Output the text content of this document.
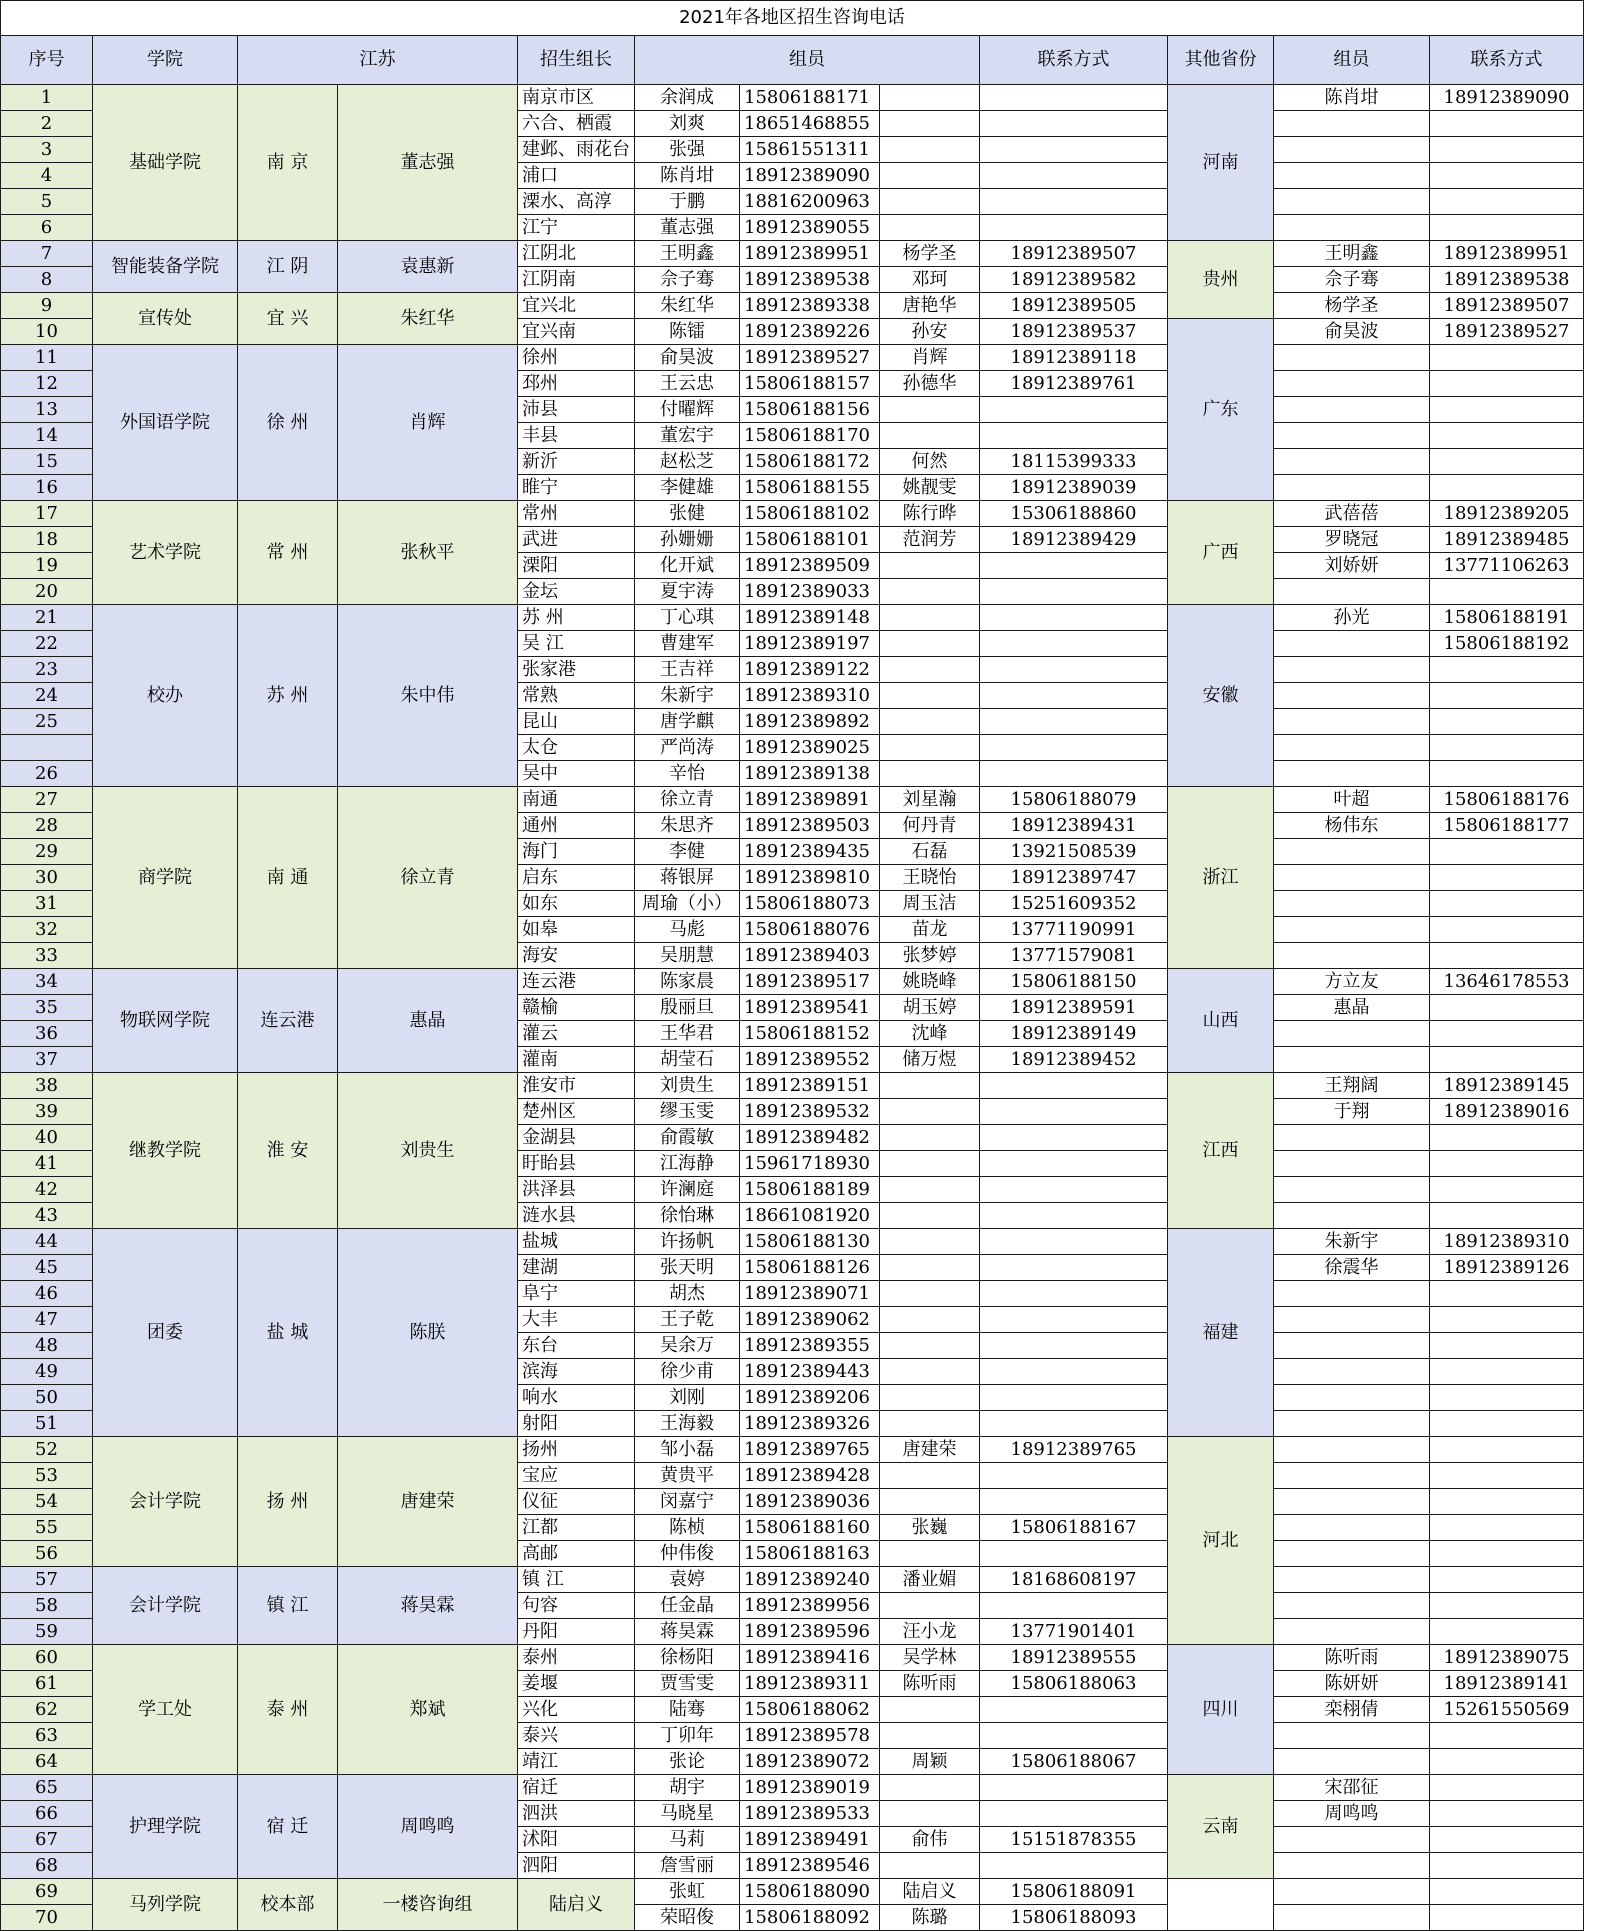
2021年各地区招生咨询电话											
序号	学院	江苏		招生组长	组员			联系方式	其他省份	组员	联系方式
1	基础学院	南 京	董志强	南京市区	余润成	15806188171			河南	陈肖坩	18912389090
2				六合、栖霞	刘爽	18651468855					
3				建邺、雨花台	张强	15861551311					
4				浦口	陈肖坩	18912389090					
5				溧水、高淳	于鹏	18816200963					
6				江宁	董志强	18912389055					
7	智能装备学院	江 阴	袁惠新	江阴北	王明鑫	18912389951	杨学圣	18912389507	贵州	王明鑫	18912389951
8				江阴南	佘子骞	18912389538	邓珂	18912389582		佘子骞	18912389538
9	宣传处	宜 兴	朱红华	宜兴北	朱红华	18912389338	唐艳华	18912389505		杨学圣	18912389507
10				宜兴南	陈镭	18912389226	孙安	18912389537	广东	俞昊波	18912389527
11	外国语学院	徐 州	肖辉	徐州	俞昊波	18912389527	肖辉	18912389118			
12				邳州	王云忠	15806188157	孙德华	18912389761			
13				沛县	付曜辉	15806188156					
14				丰县	董宏宇	15806188170					
15				新沂	赵松芝	15806188172	何然	18115399333			
16				睢宁	李健雄	15806188155	姚靓雯	18912389039			
17	艺术学院	常 州	张秋平	常州	张健	15806188102	陈行晔	15306188860	广西	武蓓蓓	18912389205
18				武进	孙姗姗	15806188101	范润芳	18912389429		罗晓冠	18912389485
19				溧阳	化开斌	18912389509				刘娇妍	13771106263
20				金坛	夏宇涛	18912389033					
21	校办	苏 州	朱中伟	苏 州	丁心琪	18912389148			安徽	孙光	15806188191
22				吴 江	曹建军	18912389197					15806188192
23				张家港	王吉祥	18912389122					
24				常熟	朱新宇	18912389310					
25				昆山	唐学麒	18912389892					
				太仓	严尚涛	18912389025					
26				吴中	辛怡	18912389138					
27	商学院	南 通	徐立青	南通	徐立青	18912389891	刘星瀚	15806188079	浙江	叶超	15806188176
28				通州	朱思齐	18912389503	何丹青	18912389431		杨伟东	15806188177
29				海门	李健	18912389435	石磊	13921508539			
30				启东	蒋银屏	18912389810	王晓怡	18912389747			
31				如东	周瑜（小）	15806188073	周玉洁	15251609352			
32				如皋	马彪	15806188076	苗龙	13771190991			
33				海安	吴朋慧	18912389403	张梦婷	13771579081			
34	物联网学院	连云港	惠晶	连云港	陈家晨	18912389517	姚晓峰	15806188150	山西	方立友	13646178553
35				赣榆	殷丽旦	18912389541	胡玉婷	18912389591		惠晶	
36				灌云	王华君	15806188152	沈峰	18912389149			
37				灌南	胡莹石	18912389552	储万煜	18912389452			
38	继教学院	淮 安	刘贵生	淮安市	刘贵生	18912389151			江西	王翔阔	18912389145
39				楚州区	缪玉雯	18912389532				于翔	18912389016
40				金湖县	俞霞敏	18912389482					
41				盱眙县	江海静	15961718930					
42				洪泽县	许澜庭	15806188189					
43				涟水县	徐怡琳	18661081920					
44	团委	盐 城	陈朕	盐城	许扬帆	15806188130			福建	朱新宇	18912389310
45				建湖	张天明	15806188126				徐震华	18912389126
46				阜宁	胡杰	18912389071					
47				大丰	王子乾	18912389062					
48				东台	吴余万	18912389355					
49				滨海	徐少甫	18912389443					
50				响水	刘刚	18912389206					
51				射阳	王海毅	18912389326					
52	会计学院	扬 州	唐建荣	扬州	邹小磊	18912389765	唐建荣	18912389765	河北		
53				宝应	黄贵平	18912389428					
54				仪征	闵嘉宁	18912389036					
55				江都	陈桢	15806188160	张巍	15806188167			
56				高邮	仲伟俊	15806188163					
57	会计学院	镇 江	蒋昊霖	镇 江	袁婷	18912389240	潘业媚	18168608197			
58				句容	任金晶	18912389956					
59				丹阳	蒋昊霖	18912389596	汪小龙	13771901401			
60	学工处	泰 州	郑斌	泰州	徐杨阳	18912389416	吴学林	18912389555	四川	陈听雨	18912389075
61				姜堰	贾雪雯	18912389311	陈听雨	15806188063		陈妍妍	18912389141
62				兴化	陆骞	15806188062				栾栩倩	15261550569
63				泰兴	丁卯年	18912389578					
64				靖江	张论	18912389072	周颖	15806188067			
65	护理学院	宿 迁	周鸣鸣	宿迁	胡宇	18912389019			云南	宋邵征	
66				泗洪	马晓星	18912389533				周鸣鸣	
67				沭阳	马莉	18912389491	俞伟	15151878355			
68				泗阳	詹雪丽	18912389546					
69	马列学院	校本部	一楼咨询组	陆启义	张虹	15806188090	陆启义	15806188091			
70					荣昭俊	15806188092	陈璐	15806188093			
